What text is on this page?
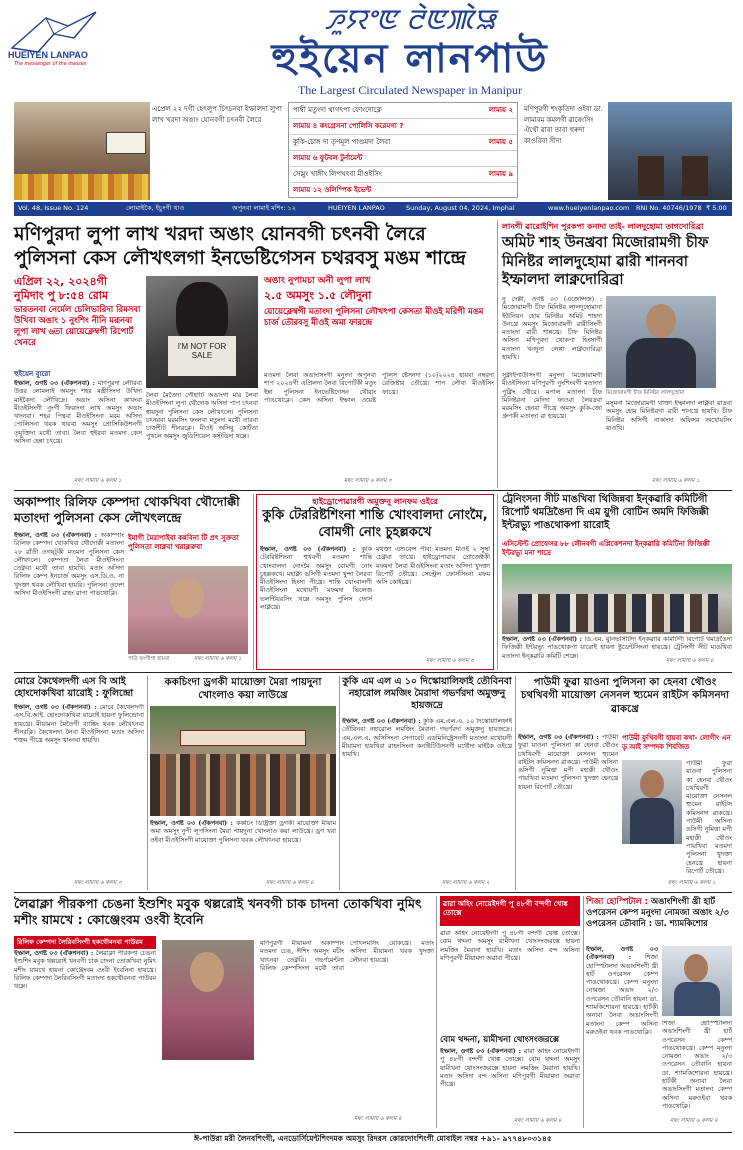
HUEIYEN LANPAO
The messenger of the masses
ꯍꯨꯌꯦꯟ ꯂꯥꯟꯄꯥꯎ
হুইয়েন লানপাউ
The Largest Circulated Newspaper in Manipur
এপ্ৰেল ২২ দগী হেৎলুপ চিৎচনবা ইম্ফালদা লুপা লাখ খরদা অঙাং য়োনবগী চৎনবী লৈরে
পাম্বী মতুংদা থাগৎপা ফোংদোক্লে	লামায় ২
লামায় ৪ কংগ্রেসনা পোলিসি করেমগা ?
কুকি-চোঙ্গ দা তৃণমূল পাণ্ডমদা লৈবা	লামায় ৫
লামায় ৬ ফুটবল টুর্নামেন্ট
সেম্লুং খাঙ্গীং লিপখৎবা মীওইসিং	লামায় ৯
লামায় ১২ ওলিম্পিক ইভেন্ট
মণিপুরগী শংকৃতিদা ওইবা ডা. লামাবম কমলগী ৱাৰেংসিং ঐথৌ ৱাবা তাবা হুৰুদা কাওরিবা সীদা
Vol. 48, Issue No. 124	লোমাইকৈ, ইচুংগী থাও	অপুনবা লামাই মশিং: ১২	HUEIYEN LANPAO	Sunday, August 04, 2024, Imphal	www.hueiyenlanpao.com RNI No. 40746/1978 ₹ 5.00
মণিপুরদা লুপা লাখ খরদা অঙাং য়োনবগী চৎনবী লৈরে
পুলিসনা কেস লৌখৎলগা ইনভেষ্টিগেসন চথরবসু মঙম শান্দ্রে
এপ্ৰিল ২২, ২০২৪গী
নুমিদাং পু ৮:৫৪ রোম
ভারতনবা নের্মেল চেলিভারিদা রিমসবা উখিবা অঙাং ১ নুংশিং নীনি মরূনবা লুপা লাখ ৬তা য়োয়েক্লেম্বগী রিপোর্ট খেনরে	I'M NOT FOR SALE
অঙাং নুপামচা অনী লুপা লাখ
২.৫ অমসুং ১.৫ লৌদুনা
য়োয়েক্লেম্বগী মতাংদা পুলিসনা লৌখৎপা কেসতা মীওই মরিগী মঙম চার্জ তৌরবসু মীওই অমা ফারন্দ্রে
হুইয়েন ব্যুরো
ইম্ফাল, ওগষ্ট ০৩ (ঐকপনবা) : মণিপুরদা লৌরিবা উত্তর লোমলাই অমসুং শহর মন্ত্রীসিংদা উখিদা মাইকৈদা লৌখিদ্রে। অঙাং অসিনা কাখংবা মীওইসিংগী নুংগী ফিরাংদা লাখ অমসুং অঙাং খাংনবা। শহর পিন্থবা মীওইসিংনা মরম অসিদা পোলিসনা থবক থারবা অমসুং প্রোসিকিউশনগী তৃমুক্তিদা মথৌ তাবা। লৈবা হুইরবা মতমদা কেস অসিনা হেন্না চৎখ্রে।
লৈবা মৈতৈদা গৌহাটি অঙাংগা মরি লৈবা মীওইসিংনা লুপা থৌদোক অসিদা পাপ চৎনবা হায়দুনা পুলিসনা কেস লৌখৎলে। পুলিসনা চৎনরবা মরমসিং ফংলবা মতুংদা মথৌ তারবা চার্জশীট শীনরক্লে। মীওই অসিবু কোর্টতা পুখলে অমসুং জুডিশিয়েল কস্টডিদা থম্লে।
মতমদা লৈবা অঙাংসিংগী মনুংদা অপুনবা শাপ ২০২৪গী এপ্রিলদা লৈবা রিপোর্টকী মতুং ইন্না পুলিসনা ইনভেষ্টিগেসন থৌরাং পাঙথোক্লে। কেস অসিনা ইম্ফাল ওয়েষ্ট পুলিস ষ্টেসনদা (১০)২০২৪ হায়বা নম্বরদা রেজিষ্টার তৌখ্রে। শাপ লৌবা মীওইসিং ফাখ্রে।
মথং লামায় ৬ কলম ১	মথং লামায় ৬ কলম ৩
লানগী ৱারোইশিন পুরকপা কনাদা তাই- লালদুহোমা তাগদোরিব্রা
অমিট শাহ উনখ্রবা মিজোরামগী চীফ মিনিষ্টর লালদুহোমা ৱারী শাননবা ইম্ফালদা লাক্নদোরিব্রা
নু দেল্লী, ওগষ্ট ০৩ (এজেন্সিজ) : মিজোরামগী চীফ মিনিষ্টর লালদুহোমানা ইউনিয়ন হোম মিনিষ্টর অমিট শাহদা উনখ্রে অমসুং মিজোরামগী ৱারীসিংগী মতাংদা ৱারী শান্নখ্রে। চীফ মিনিষ্টর অসিনা মণিপুরদা থোকপা হিংসাগী মতাংদা খনদুনা লেপ্পা লাক্নদোরিব্রা হায়খি।
মিজোরামগী চীফ মিনিষ্টর লালদুহোমা
সুক্নাইপাউসিংগী মনুংদা মিজোরামগী মীওইসিংনা মণিপুরগী নুংশিংবগী মতাংদা পুক্নিং থৌরে। মপাল মতাংদা চীফ মিনিষ্টরনা মেদিদা ফাওবা লৈরদ্রবা মরমসিং হেনবা পীখ্রে অমসুং কুকি-জো গ্রুপকী মতাংদা ৱা হায়খ্রে।
মসুমনা মিজোরামগী থাক্তা ইম্ফালদা লাক্নবা য়াদ্রবা অমসুং হোম মিনিষ্টরগা ৱারী শানখ্রে হায়খি। চীফ মিনিষ্টর অসিগী নাকাংদা অফিসর অখোয়সিং য়াওখি।
মথং লামায় ৬ কলম ১
অকাম্পাং রিলিফ কেম্পদা থোকখিবা থৌদোক্কী মতাংদা পুলিসনা কেস লৌখৎলন্দ্রে
ইম্ফাল, ওগষ্ট ০৩ (ঐকপনবা) : অকাম্পাং রিলিফ কেম্পদা থোকখিবা থৌদোক্কী মতাংদা ২৮ ৱাঁতী ওগষ্ট্কী মতমদা পুলিসনা কেস লৌখৎলে। কেম্পতা লৈবা মীওইসিংনা তেক্নবা মথৌ তাবা হায়খি। মতাং অসিদা রিলিফ কেম্প ইনচার্জ অমসুং এস.ডি.ও. না খুদক্তা থবক লৌখিবা হায়রি। পুলিসনা তৃদেশ অসিদা মীওইসিংগী ৱাহং ৱাপা পাঙথোক্লি।
ইমাগী মৈরাপাইবা কন্নবিনা টি প্রৎ সুক্রতা পুলিসতা লাক্নবা খরাক্লরুবা
পাউ ফংগীগা হায়বা	মথং লামায় ৬ কলম ১
হাইড্ৰোপোৱারগী অমুক্তনু লানফম ওইরে
কুকি টেররিষ্টশিংনা শান্তি খোংবালদা নোংমৈ, বোমগী নোং চুহল্লকখে
ইম্ফাল, ওগষ্ট ০৩ (ঐকপনবা) : কুকি টেররিষ্টশিংনা হুখবগী মতমদা শান্তি খোংবালদা নোংমৈ অমসুং বোমগী নোং চুহল্লকখে। মহাক্না ঙসিগী মতমদা খুন্দা লৈরবা মীওইসিংদা হিংসা পীখ্রে। শান্তি খোংবালগী মীওইসিংনা মখোয়গী মফমদা ভিলেজ ভলন্টিয়রসিং থম্লে অমসুং পুলিস ফোর্স লাক্নখ্রে।
মথক্তা এশুরেন্স পীবা মতমদা মীওই ২ সুম্বা চেক্নবা তাখ্রে। হাইড্রোপাৱার প্রোজেক্টকী মফমদা লৈবা মীওইসিংনা মতাং অসিদা খুদক্তা রিপোর্ট তৌখ্রে। সেন্ট্রেল ফোর্সসিংনা মফম অসি কোইখ্রে।
মথং লামায় ৬ কলম ৩
ট্ৰেনিংসনা সীট মাঙখিবা থিজিন্নবা ইন্কৱারি কমিটিগী রিপোর্ট থমদ্রিঙৈদা দি এম য়ুগী বোটিন অমদি ফিজিক্কী ইন্টরভ্যু পাঙথোকপা য়ারোই
এসিস্টেন্ট প্ৰোফেসর ৮৮ লৌনবগী এপ্লিকেশনদা ইন্কৱারি কমিটিনা ফিজিক্কী ইন্টরভ্যু মনা শাদ্রে
ইম্ফাল, ওগষ্ট ০৩ (ঐকপনবা) : ডি.এম. য়ুনিভর্সিটিদা ইন্কৱারি কমিটিগী রিপোর্ট থমদ্রিঙৈদা ফিজিক্কী ইন্টরভ্যু পাঙথোকপা য়ারোই হায়না ষ্টুডেন্টসিংনা হায়খ্রে। ট্রেনিংগী সীট মাঙখিবা মতাংদা ইন্কৱারি কমিটি শেম্লে।
মথং লামায় ৬ কলম ৪
মোরে কৈথেলদগী এস বি আই হোংদোকখিবা য়ারোই : ফুলিন্দ্রো
ইম্ফাল, ওগষ্ট ০৩ (ঐকপনবা) : মোরে কৈথেলদগী এস.বি.আই. হোংদোকখিবা য়ারোই হায়না ফুলিন্দ্রোনা হায়খ্রে। মীয়ামনা মৈতৈগী ব্যাঙ্কিং থবক লৌখৎনবা শীনরক্লি। কৈথেলদা লৈবা মীওইসিংনা মতাং অসিদা শক্তম পীখ্রে অমসুং খাংনবা হায়খি।
মথং লামায় ৬ কলম ৩
ককচিংদা ড্রগকী মায়োক্তা মৈরা পায়দুনা খোংলাও কয়া লাউখ্রে
ইম্ফাল, ওগষ্ট ০৩ (ঐকপনবা) : ককচিং ডিষ্ট্রিক্তা ড্রগকী মায়োক্তা মীয়াম অমা অমসুং নুপী লূপসিংনা মৈরা পায়দুনা খোংলাও কয়া লাউখ্রে। ড্রগ খরা ওইবা মীওইসিংগী মায়োক্তা পুলিসনা থবক লৌখৎনবা হায়খ্রে।
মথং লামায় ৬ কলম ৪
কুকি এম এল এ ১০ দিস্কোয়ালিফাই তৌবিনবা নহারোল লমজিং মৈরাদা গভর্ণরদা অমুক্তনু হায়জদ্রে
ইম্ফাল, ওগষ্ট ০৩ (ঐকপনবা) : কুকি এম.এল.এ. ১০ দিস্কোয়ালিফাই তৌবিনবা নহারোল লমজিং মৈরানা গভর্ণরদা অমুক্তনু হায়জদ্রে। এম.এল.এ. অসিসিংনা সেপারেট এডমিনিষ্ট্রেসনগী মতাংদা মখোয়গী মীয়ামদা হায়খিবা ৱাহংসিংনা কনষ্টিটিউসনগী মথৌদা মাইকৈ ওইখ্রে হায়খি।
মথং লামায় ৬ কলম ২
পাউমী ফুৱা য়াওনা পুলিসনা কা হেনবা থৌওং চথখিবগী মায়োক্তা নেসনল হ্যুমেন রাইটস কমিসনদা ৱাকখ্রে
ইম্ফাল, ওগষ্ট ০৩ (ঐকপনবা) : পাউমী ফুৱা য়াওনা পুলিসনা কা হেনবা থৌওং চথখিবগী মায়োক্তা নেসনল হ্যুমেন রাইটস কমিসনদা ৱাকখ্রে। পাউমী অসিনা ঙসিগী নুমিত্তা মপী মহাক্কী থৌওং পায়খিবা মতমদা পুলিসনা খুদক্তা হেনখ্রে হায়না রিপোর্ট তৌখ্রে।
পাউমী ফুখিবগী হায়বা কথা- লোগীং এন ডৃ আই সম্পদক শিবজিত
পাউমী ফুৱা য়াওনা পুলিসনা কা হেনবা থৌওং চথখিবগী মায়োক্তা নেসনল হ্যুমেন রাইটস কমিসনদা ৱাকখ্রে। পাউমী অসিনা ঙসিগী নুমিত্তা মপী মহাক্কী থৌওং পায়খিবা মতমদা পুলিসনা খুদক্তা হেনখ্রে হায়না রিপোর্ট তৌখ্রে।
মথং লামায় ৬ কলম ১
লৈৱাক্লা পীরকপা চেঙনা ইশুশিং মবুক থল্লরোই খনবগী চাক চাদনা তোকখিবা নুমিৎ মশীং য়ামখে : কোঞ্জেংবম ওংবী ইবেনি
রিলিফ কেম্পদা লৈরিবসিংগী হকথৌবনবা পাউরম
ইম্ফাল, ওগষ্ট ০৩ (ঐকপনবা) : লৈৱাক্লা পীরকপা চেঙনা ইশুশিং মবুক থল্লরোই খনবগী চাক চাদনা তোকখিবা নুমিৎ মশীং য়ামখে হায়না কোঞ্জেংবম ওংবী ইবেনিনা হায়খ্রে। রিলিফ কেম্পদা লৈরিবসিংগী মতাংদা হকথৌবনবা পাউরম থম্লে।
মণিপুরগী মীয়ামনা অকাম্পাং মতমদা চেঙ, ঈশিং অমসুং মচীং খাৎনবা তেক্নরি। গভর্ণমেন্টনা রিলিফ কেম্পসিংদা মথৌ তাবা পোৎলমসিং য়োকখ্রে। মতাং অসিদা মীয়ামনা থবক খুদক্তা লৌনবা হায়খ্রে।
মথং লামায় ৬ কলম ৫
ৱারা অহিং নোয়েইদগী পু ৪৮গী বন্দগী খোঙ্ক তোক্সে
ৱারা অহিং নোয়েইদগী পু ৪৮গী বন্দগী খোঙ্ক তোক্সে। বোম থদ্দনা অমসুং য়ামীখনা থোংসংজরক্সে হায়না লমজিং মৈরানা হায়খি। মতাং অসিদা বন্দ অসিনা মণিপুরগী মীয়ামদা অৱাবা পীখ্রে।
বোম থদ্দনা, য়ামীখনা থোংসংজরক্সে
ইম্ফাল, ওগষ্ট ০৩ (ঐকপনবা) : ৱারা অহিং নোয়েইদগী পু ৪৮গী বন্দগী খোঙ্ক তোক্সে। বোম থদ্দনা অমসুং য়ামীখনা থোংসংজরক্সে হায়না লমজিং মৈরানা হায়খি। মতাং অসিদা বন্দ অসিনা মণিপুরগী মীয়ামদা অৱাবা পীখ্রে।
মথং লামায় ৬ কলম ৪
শিজা হোস্পিটাল : অঙাংশিংগী খ্রী হার্ট ওপরেসন কেম্প মনুংদা নোমজা অঙাং ২/৩ ওপরেসন তৌবানি : ডা. শ্যামকিশোর
ইম্ফাল, ওগষ্ট ০৩ (ঐকপনবা) : শিজা হোস্পিটালদা অঙাংশিংগী খ্রী হার্ট ওপরেসন কেম্প পাঙথোকখ্রে। কেম্প মনুংদা নোমজা অঙাং ২/৩ ওপরেসন তৌবানি হায়না ডা. শ্যামকিশোরনা হায়খ্রে। হার্টকী অনাবা লৈবা অঙাংসিংগী মতাংদা কেম্প অসিনা মরুওইবা থবক পাঙথোক্লি।
শিজা হোস্পিটালদা অঙাংশিংগী খ্রী হার্ট ওপরেসন কেম্প পাঙথোকখ্রে। কেম্প মনুংদা নোমজা অঙাং ২/৩ ওপরেসন তৌবানি হায়না ডা. শ্যামকিশোরনা হায়খ্রে। হার্টকী অনাবা লৈবা অঙাংসিংগী মতাংদা কেম্প অসিনা মরুওইবা থবক পাঙথোক্লি।
মথং লামায় ৬ কলম ৪
ঈ-পাউরা মরী লৈনবশিংগী, এনডোর্সিমেন্টশিংদমক অমসুং রিদরস কোরদোংশিংগী মোবাইল নম্বর +৯১- ৯৭৭৪৮০৩১৪৫
